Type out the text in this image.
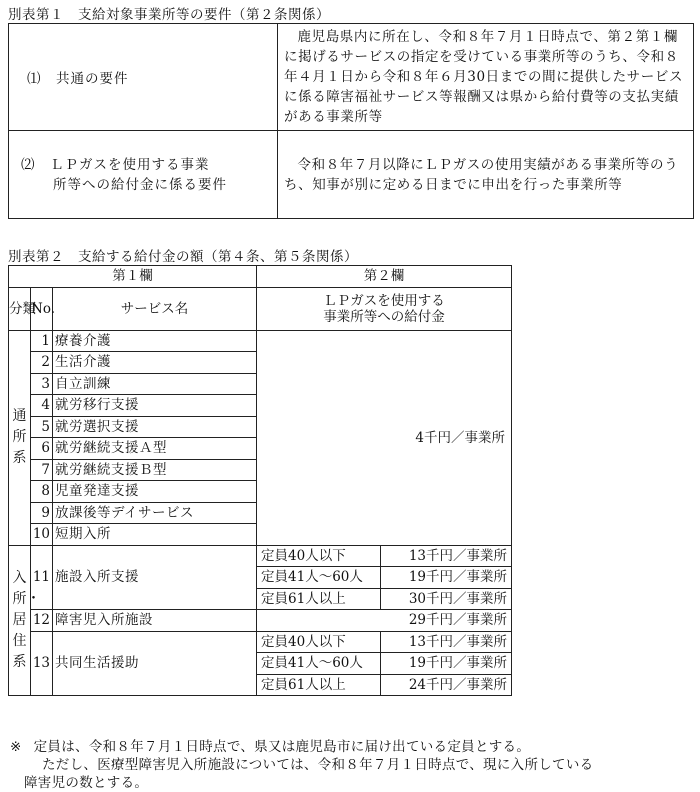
別表第１　支給対象事業所等の要件（第２条関係）
⑴　共通の要件	鹿児島県内に所在し、令和８年７月１日時点で、第２第１欄に掲げるサービスの指定を受けている事業所等のうち、令和８年４月１日から令和８年６月30日までの間に提供したサービスに係る障害福祉サービス等報酬又は県から給付費等の支払実績がある事業所等

⑵　ＬＰガスを使用する事業
所等への給付金に係る要件	令和８年７月以降にＬＰガスの使用実績がある事業所等のうち、知事が別に定める日までに申出を行った事業所等
別表第２　支給する給付金の額（第４条、第５条関係）
第１欄			第２欄	
分類	No.	サービス名	ＬＰガスを使用する
事業所等への給付金	

通所系	1	療養介護	4千円／事業所	
	2	生活介護		
	3	自立訓練		
	4	就労移行支援		
	5	就労選択支援		
	6	就労継続支援Ａ型		
	7	就労継続支援Ｂ型		
	8	児童発達支援		
	9	放課後等デイサービス		
	10	短期入所		

入所・居住系	11	施設入所支援	定員40人以下	13千円／事業所
			定員41人～60人	19千円／事業所
			定員61人以上	30千円／事業所
	12	障害児入所施設	29千円／事業所	
	13	共同生活援助	定員40人以下	13千円／事業所
			定員41人～60人	19千円／事業所
			定員61人以上	24千円／事業所
※ 定員は、令和８年７月１日時点で、県又は鹿児島市に届け出ている定員とする。
ただし、医療型障害児入所施設については、令和８年７月１日時点で、現に入所している
障害児の数とする。
